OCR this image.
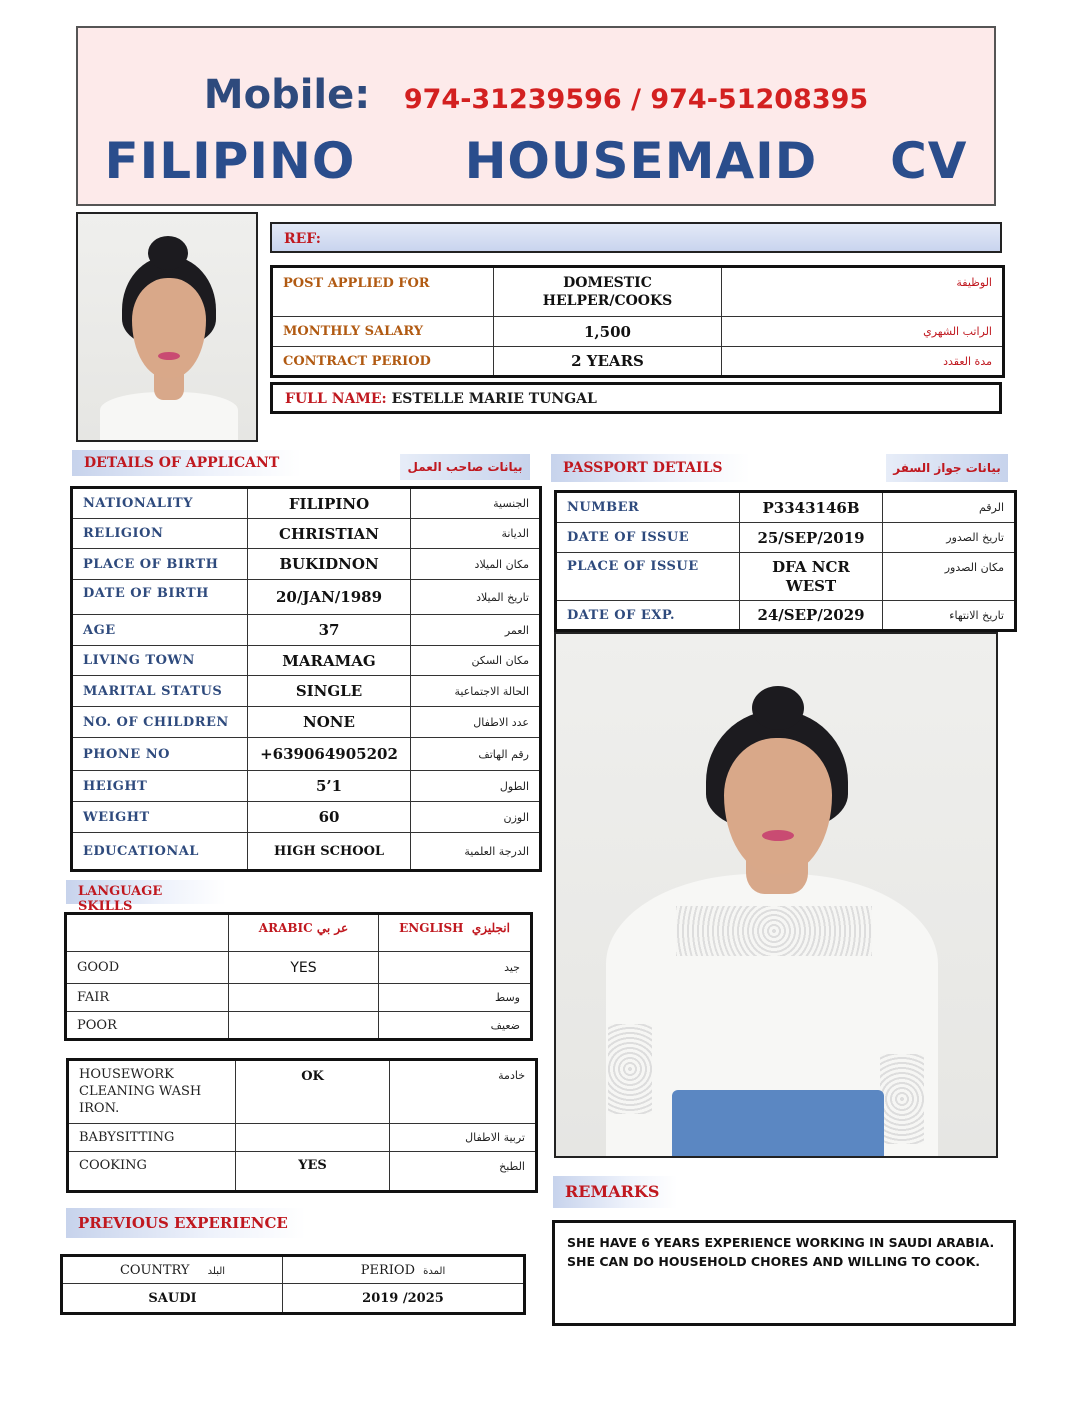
Mobile: 974-31239596 / 974-51208395
FILIPINO   HOUSEMAID  CV
REF:
POST APPLIED FOR	DOMESTIC HELPER/COOKS	الوظيفة
MONTHLY SALARY	1,500	الراتب الشهري
CONTRACT PERIOD	2 YEARS	مدة العقدد
FULL NAME: ESTELLE MARIE TUNGAL
DETAILS OF APPLICANT	بيانات صاحب العمل
NATIONALITY	FILIPINO	الجنسية
RELIGION	CHRISTIAN	الديانة
PLACE OF BIRTH	BUKIDNON	مكان الميلاد
DATE OF BIRTH	20/JAN/1989	تاريخ الميلاد
AGE	37	العمر
LIVING TOWN	MARAMAG	مكان السكن
MARITAL STATUS	SINGLE	الحالة الاجتماعية
NO. OF CHILDREN	NONE	عدد الاطفال
PHONE NO	+639064905202	رقم الهاتف
HEIGHT	5’1	الطول
WEIGHT	60	الوزن
EDUCATIONAL	HIGH SCHOOL	الدرجة العلمية
PASSPORT DETAILS	بيانات جواز السفر
NUMBER	P3343146B	الرقم
DATE OF ISSUE	25/SEP/2019	تاريخ الصدور
PLACE OF ISSUE	DFA NCR WEST	مكان الصدور
DATE OF EXP.	24/SEP/2029	تاريخ الانتهاء
LANGUAGE SKILLS
	ARABIC عر بي	ENGLISH  انجليزي
GOOD	YES	جيد
FAIR		وسط
POOR		ضعيف
HOUSEWORK CLEANING WASH IRON.	OK	خادمة
BABYSITTING		تربية الاطفال
COOKING	YES	الطبخ
PREVIOUS EXPERIENCE
COUNTRY البلد	PERIOD المدة
SAUDI	2019 /2025
REMARKS
SHE HAVE 6 YEARS EXPERIENCE WORKING IN SAUDI ARABIA. SHE CAN DO HOUSEHOLD CHORES AND WILLING TO COOK.
